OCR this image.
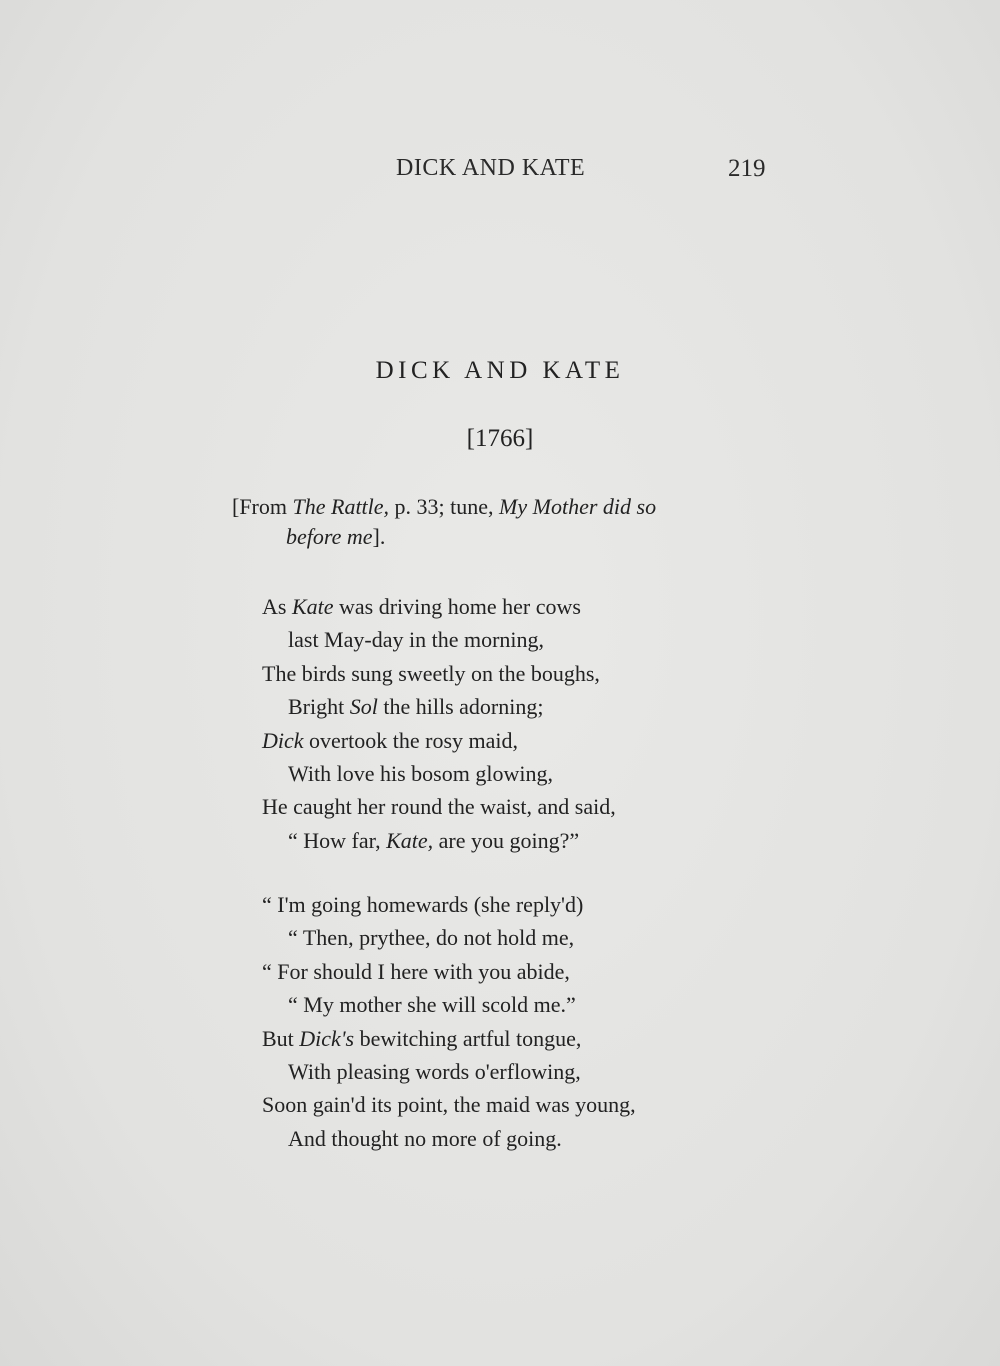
DICK AND KATE	219
DICK AND KATE
[1766]
[From The Rattle, p. 33; tune, My Mother did so
before me].
As Kate was driving home her cows
last May-day in the morning,
The birds sung sweetly on the boughs,
Bright Sol the hills adorning;
Dick overtook the rosy maid,
With love his bosom glowing,
He caught her round the waist, and said,
“ How far, Kate, are you going?”
“ I'm going homewards (she reply'd)
“ Then, prythee, do not hold me,
“ For should I here with you abide,
“ My mother she will scold me.”
But Dick's bewitching artful tongue,
With pleasing words o'erflowing,
Soon gain'd its point, the maid was young,
And thought no more of going.
